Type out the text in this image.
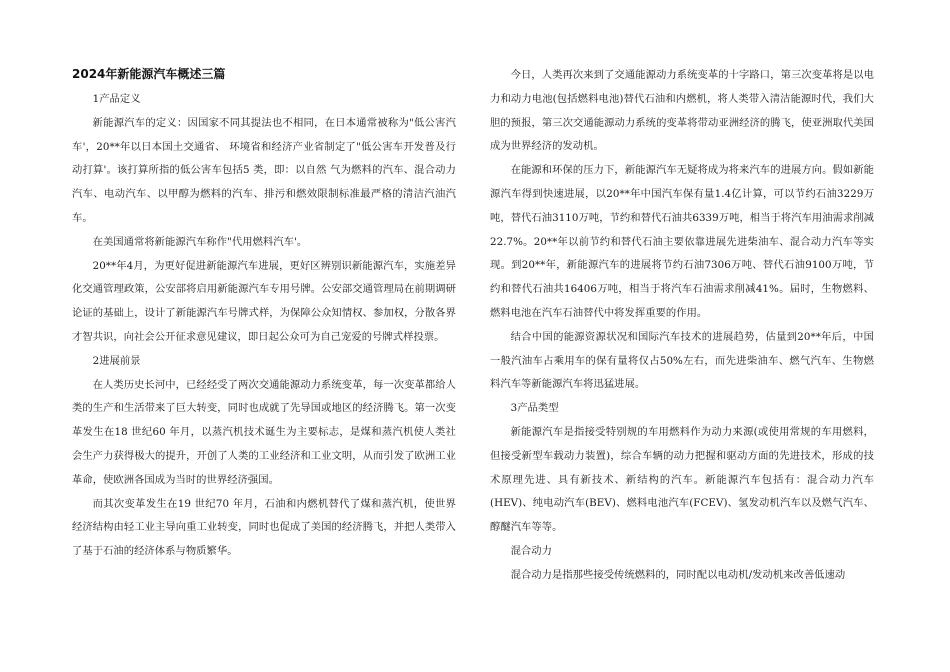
2024年新能源汽车概述三篇

1产品定义

新能源汽车的定义：因国家不同其提法也不相同，在日本通常被称为"低公害汽车'，20**年以日本国土交通省、 环境省和经济产业省制定了"低公害车开发普及行动打算'。该打算所指的低公害车包括5 类，即：以自然 气为燃料的汽车、混合动力汽车、电动汽车、以甲醇为燃料的汽车、排污和燃效限制标准最严格的清洁汽油汽车。

在美国通常将新能源汽车称作"代用燃料汽车'。

20**年4月，为更好促进新能源汽车进展，更好区辨别识新能源汽车，实施差异化交通管理政策，公安部将启用新能源汽车专用号牌。公安部交通管理局在前期调研论证的基础上，设计了新能源汽车号牌式样，为保障公众知情权、参加权，分散各界才智共识，向社会公开征求意见建议，即日起公众可为自己宠爱的号牌式样投票。

2进展前景

在人类历史长河中，已经经受了两次交通能源动力系统变革，每一次变革都给人类的生产和生活带来了巨大转变，同时也成就了先导国或地区的经济腾飞。第一次变革发生在18 世纪60 年月，以蒸汽机技术诞生为主要标志，是煤和蒸汽机使人类社会生产力获得极大的提升，开创了人类的工业经济和工业文明，从而引发了欧洲工业革命，使欧洲各国成为当时的世界经济强国。

而其次变革发生在19 世纪70 年月，石油和内燃机替代了煤和蒸汽机，使世界经济结构由轻工业主导向重工业转变，同时也促成了美国的经济腾飞，并把人类带入了基于石油的经济体系与物质繁华。

今日，人类再次来到了交通能源动力系统变革的十字路口，第三次变革将是以电力和动力电池(包括燃料电池)替代石油和内燃机，将人类带入清洁能源时代，我们大胆的预报，第三次交通能源动力系统的变革将带动亚洲经济的腾飞，使亚洲取代美国成为世界经济的发动机。

在能源和环保的压力下，新能源汽车无疑将成为将来汽车的进展方向。假如新能源汽车得到快速进展，以20**年中国汽车保有量1.4亿计算，可以节约石油3229万吨，替代石油3110万吨，节约和替代石油共6339万吨，相当于将汽车用油需求削减22.7%。20**年以前节约和替代石油主要依靠进展先进柴油车、混合动力汽车等实现。到20**年，新能源汽车的进展将节约石油7306万吨、替代石油9100万吨，节约和替代石油共16406万吨，相当于将汽车石油需求削减41%。届时，生物燃料、燃料电池在汽车石油替代中将发挥重要的作用。

结合中国的能源资源状况和国际汽车技术的进展趋势，估量到20**年后，中国一般汽油车占乘用车的保有量将仅占50%左右，而先进柴油车、燃气汽车、生物燃料汽车等新能源汽车将迅猛进展。

3产品类型

新能源汽车是指接受特别规的车用燃料作为动力来源(或使用常规的车用燃料，但接受新型车载动力装置)，综合车辆的动力把握和驱动方面的先进技术，形成的技术原理先进、具有新技术、新结构的汽车。新能源汽车包括有：混合动力汽车(HEV)、纯电动汽车(BEV)、燃料电池汽车(FCEV)、氢发动机汽车以及燃气汽车、醇醚汽车等等。

混合动力

混合动力是指那些接受传统燃料的，同时配以电动机/发动机来改善低速动
